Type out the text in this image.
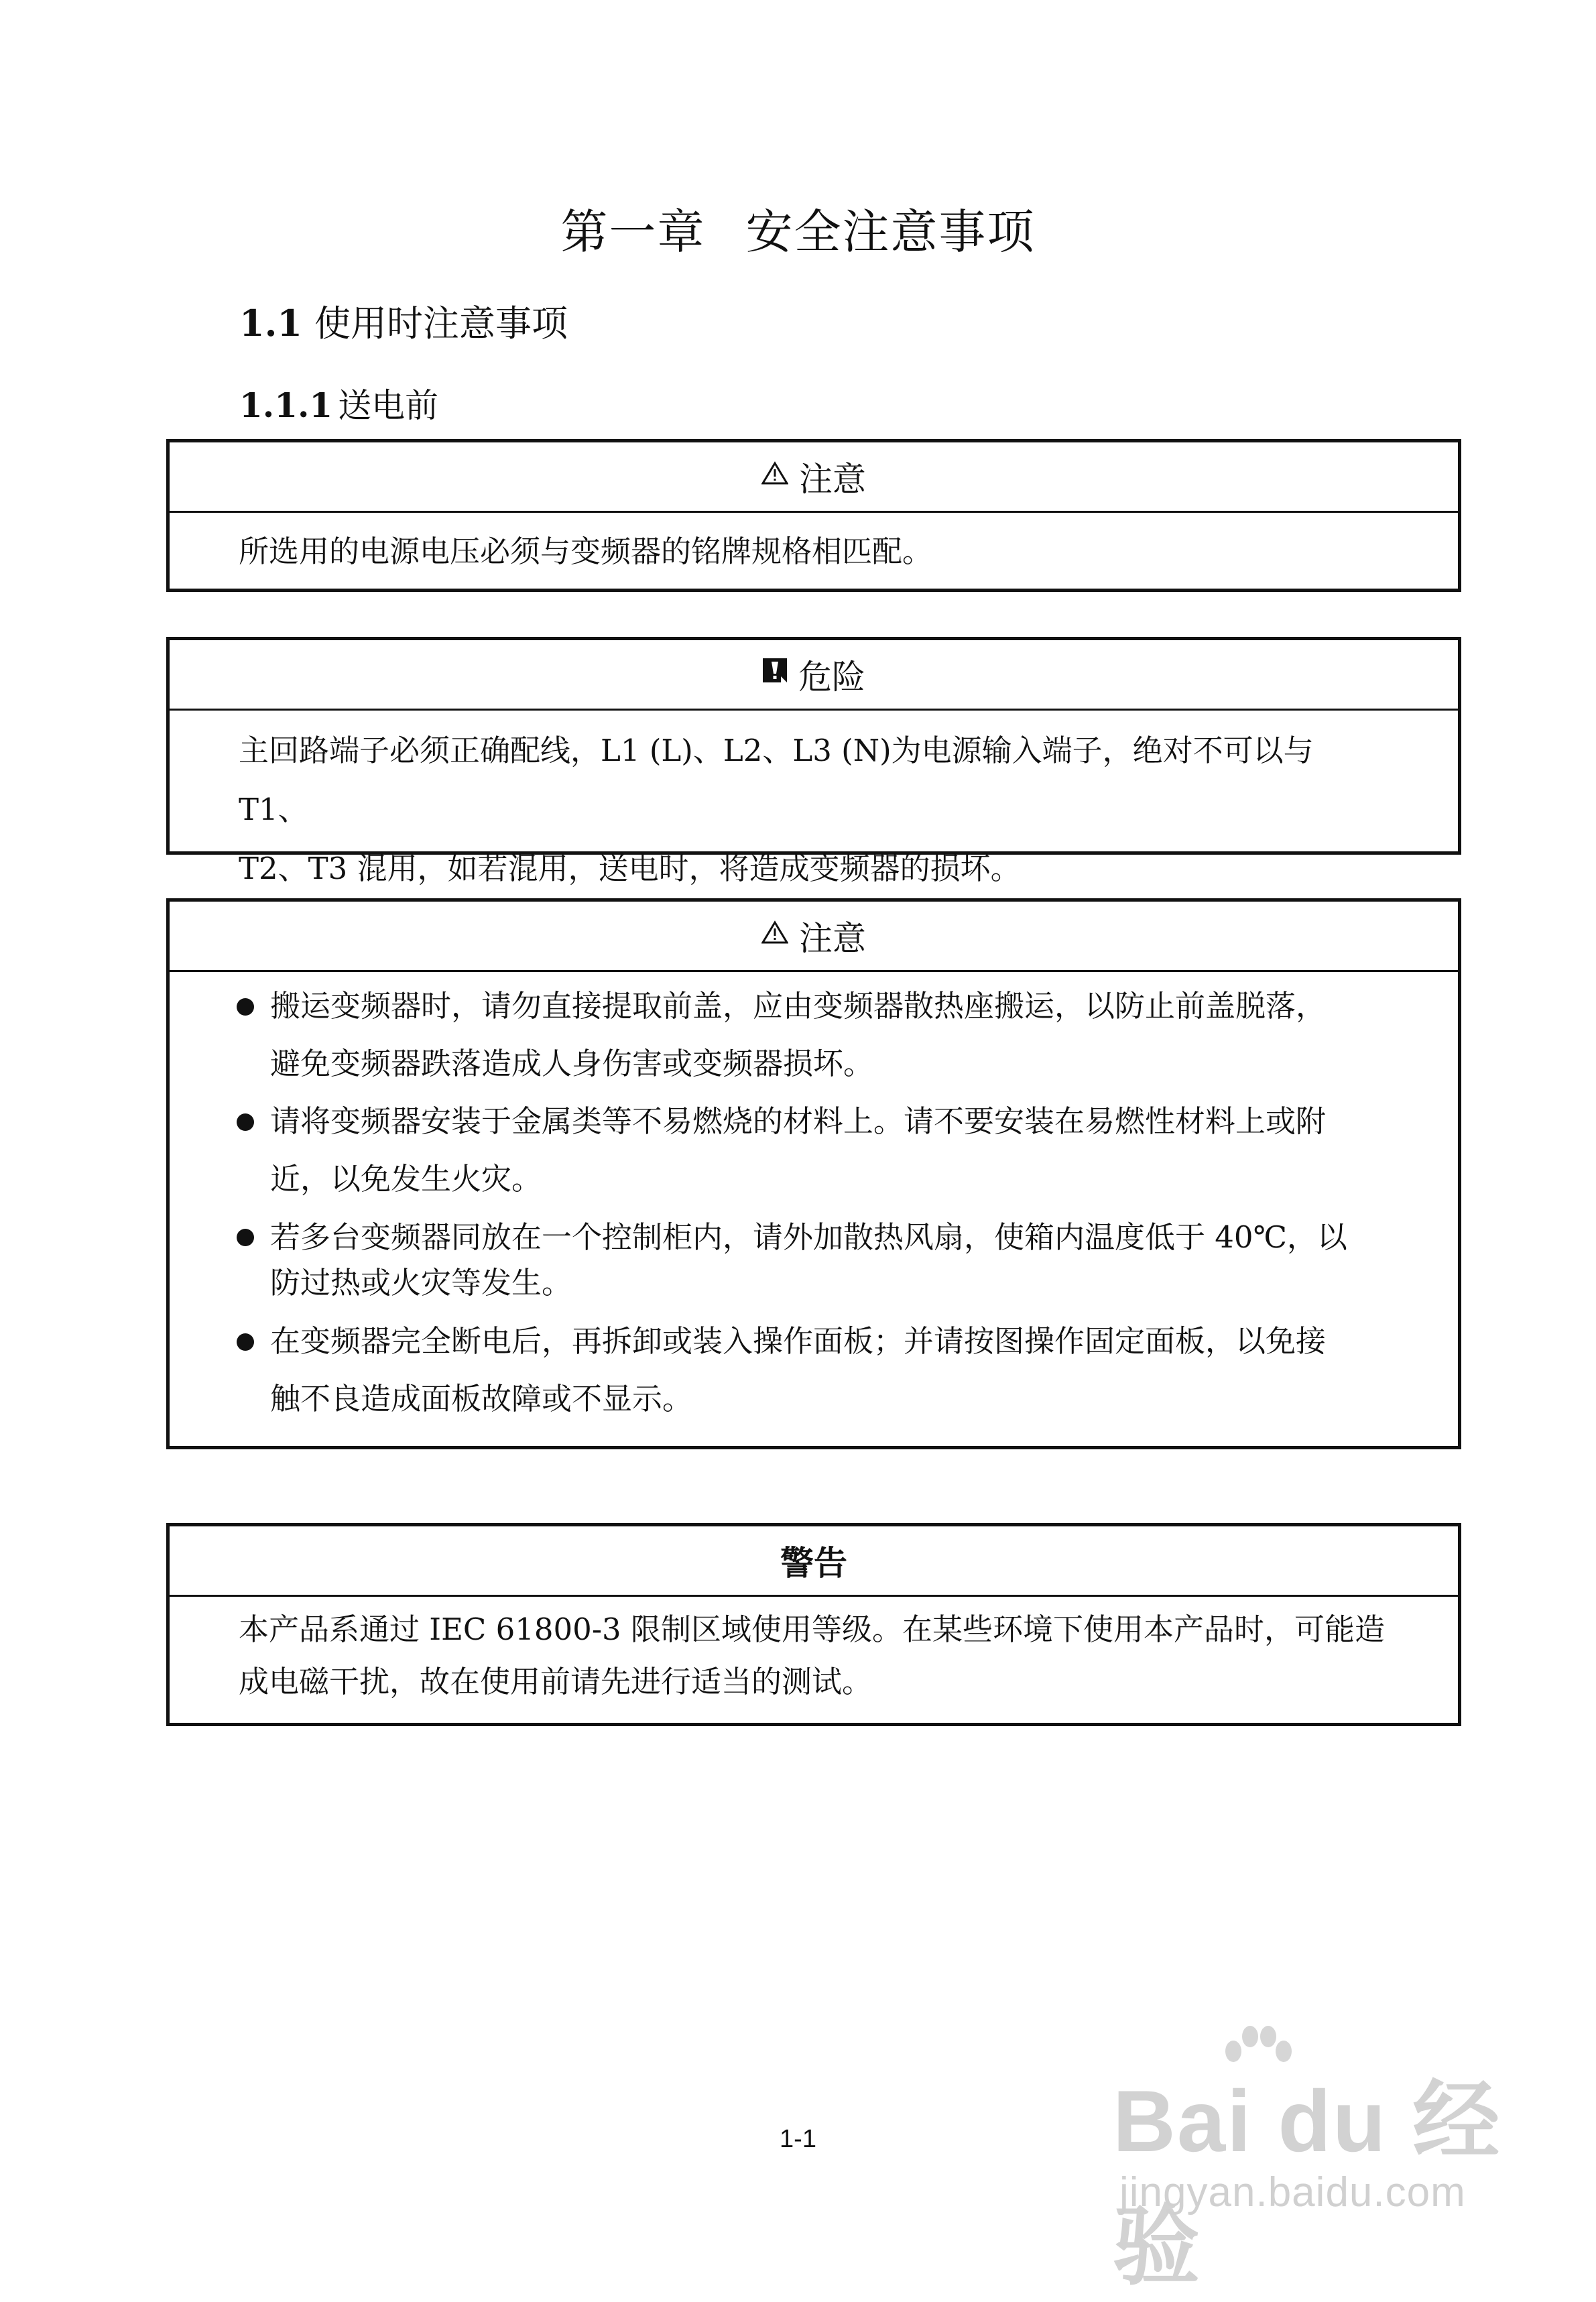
第一章 安全注意事项
1.1 使用时注意事项
1.1.1 送电前
注意
所选用的电源电压必须与变频器的铭牌规格相匹配。
危险
主回路端子必须正确配线，L1 (L)、L2、L3 (N)为电源输入端子，绝对不可以与 T1、
T2、T3 混用，如若混用，送电时，将造成变频器的损坏。
注意
搬运变频器时，请勿直接提取前盖，应由变频器散热座搬运，以防止前盖脱落，
避免变频器跌落造成人身伤害或变频器损坏。
请将变频器安装于金属类等不易燃烧的材料上。请不要安装在易燃性材料上或附
近，以免发生火灾。
若多台变频器同放在一个控制柜内，请外加散热风扇，使箱内温度低于 40℃，以
防过热或火灾等发生。
在变频器完全断电后，再拆卸或装入操作面板；并请按图操作固定面板，以免接
触不良造成面板故障或不显示。
警告
本产品系通过 IEC 61800-3 限制区域使用等级。在某些环境下使用本产品时，可能造
成电磁干扰，故在使用前请先进行适当的测试。
1-1	Bai du 经验
jingyan.baidu.com
